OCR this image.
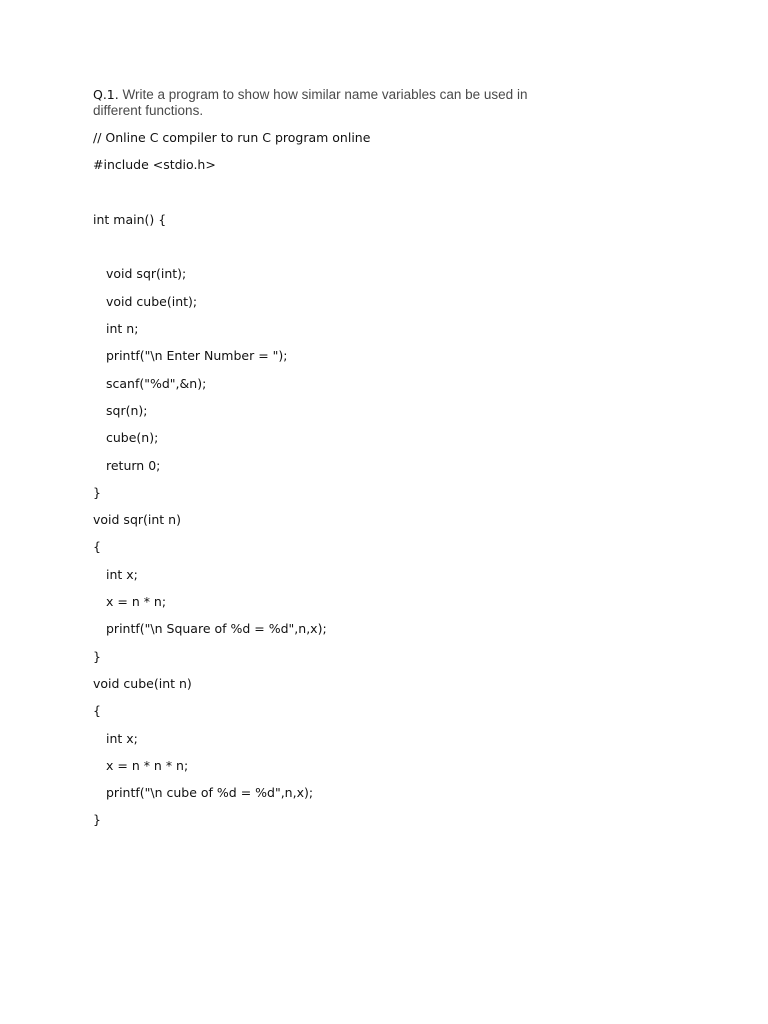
Q.1. Write a program to show how similar name variables can be used in different functions.
// Online C compiler to run C program online
#include <stdio.h>
int main() {
void sqr(int);
void cube(int);
int n;
printf("\n Enter Number = ");
scanf("%d",&n);
sqr(n);
cube(n);
return 0;
}
void sqr(int n)
{
int x;
x = n * n;
printf("\n Square of %d = %d",n,x);
}
void cube(int n)
{
int x;
x = n * n * n;
printf("\n cube of %d = %d",n,x);
}
